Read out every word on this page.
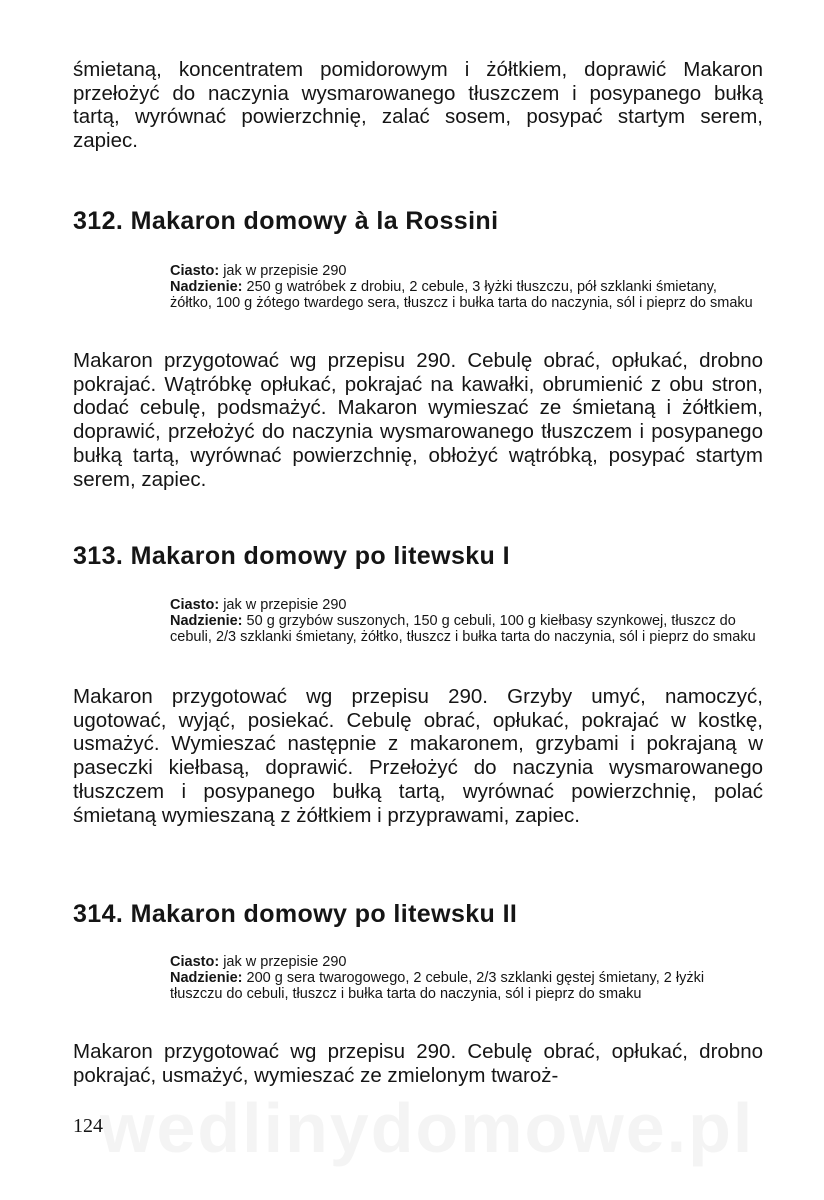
śmietaną, koncentratem pomidorowym i żółtkiem, doprawić Makaron przełożyć do naczynia wysmarowanego tłuszczem i posypanego bułką tartą, wyrównać powierzchnię, zalać sosem, posypać startym serem, zapiec.

312. Makaron domowy à la Rossini
Ciasto: jak w przepisie 290
Nadzienie: 250 g watróbek z drobiu, 2 cebule, 3 łyżki tłuszczu, pół szklanki śmietany, żółtko, 100 g żótego twardego sera, tłuszcz i bułka tarta do naczynia, sól i pieprz do smaku

Makaron przygotować wg przepisu 290. Cebulę obrać, opłukać, drobno pokrajać. Wątróbkę opłukać, pokrajać na kawałki, obrumienić z obu stron, dodać cebulę, podsmażyć. Makaron wymieszać ze śmietaną i żółtkiem, doprawić, przełożyć do naczynia wysmarowanego tłuszczem i posypanego bułką tartą, wyrównać powierzchnię, obłożyć wątróbką, posypać startym serem, zapiec.

313. Makaron domowy po litewsku I
Ciasto: jak w przepisie 290
Nadzienie: 50 g grzybów suszonych, 150 g cebuli, 100 g kiełbasy szynkowej, tłuszcz do cebuli, 2/3 szklanki śmietany, żółtko, tłuszcz i bułka tarta do naczynia, sól i pieprz do smaku

Makaron przygotować wg przepisu 290. Grzyby umyć, namoczyć, ugotować, wyjąć, posiekać. Cebulę obrać, opłukać, pokrajać w kostkę, usmażyć. Wymieszać następnie z makaronem, grzybami i pokrajaną w paseczki kiełbasą, doprawić. Przełożyć do naczynia wysmarowanego tłuszczem i posypanego bułką tartą, wyrównać powierzchnię, polać śmietaną wymieszaną z żółtkiem i przyprawami, zapiec.

314. Makaron domowy po litewsku II
Ciasto: jak w przepisie 290
Nadzienie: 200 g sera twarogowego, 2 cebule, 2/3 szklanki gęstej śmietany, 2 łyżki tłuszczu do cebuli, tłuszcz i bułka tarta do naczynia, sól i pieprz do smaku

Makaron przygotować wg przepisu 290. Cebulę obrać, opłukać, drobno pokrajać, usmażyć, wymieszać ze zmielonym twaroż-

wedlinydomowe.pl

124
